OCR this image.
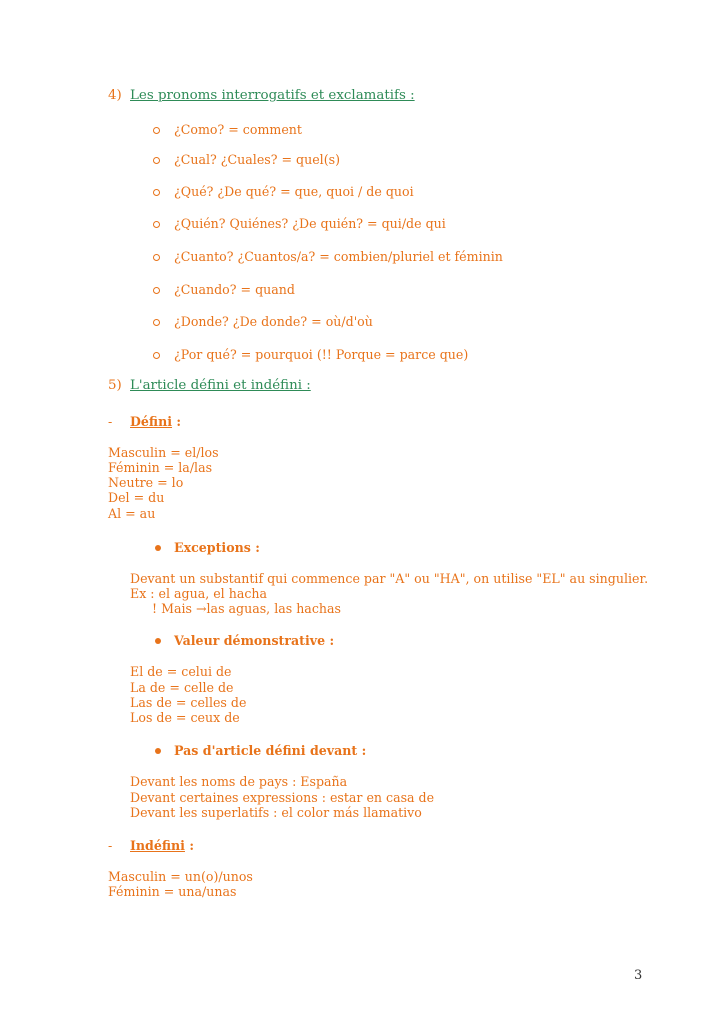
4) Les pronoms interrogatifs et exclamatifs :
¿Como? = comment
¿Cual? ¿Cuales? = quel(s)
¿Qué? ¿De qué? = que, quoi / de quoi
¿Quién? Quiénes? ¿De quién? = qui/de qui
¿Cuanto? ¿Cuantos/a? = combien/pluriel et féminin
¿Cuando? = quand
¿Donde? ¿De donde? = où/d'où
¿Por qué? = pourquoi (!! Porque = parce que)
5) L'article défini et indéfini :
- Défini :
Masculin = el/los
Féminin = la/las
Neutre = lo
Del = du
Al = au
Exceptions :
Devant un substantif qui commence par "A" ou "HA", on utilise "EL" au singulier.
Ex : el agua, el hacha
! Mais →las aguas, las hachas
Valeur démonstrative :
El de = celui de
La de = celle de
Las de = celles de
Los de = ceux de
Pas d'article défini devant :
Devant les noms de pays : España
Devant certaines expressions : estar en casa de
Devant les superlatifs : el color más llamativo
- Indéfini :
Masculin = un(o)/unos
Féminin = una/unas
3
